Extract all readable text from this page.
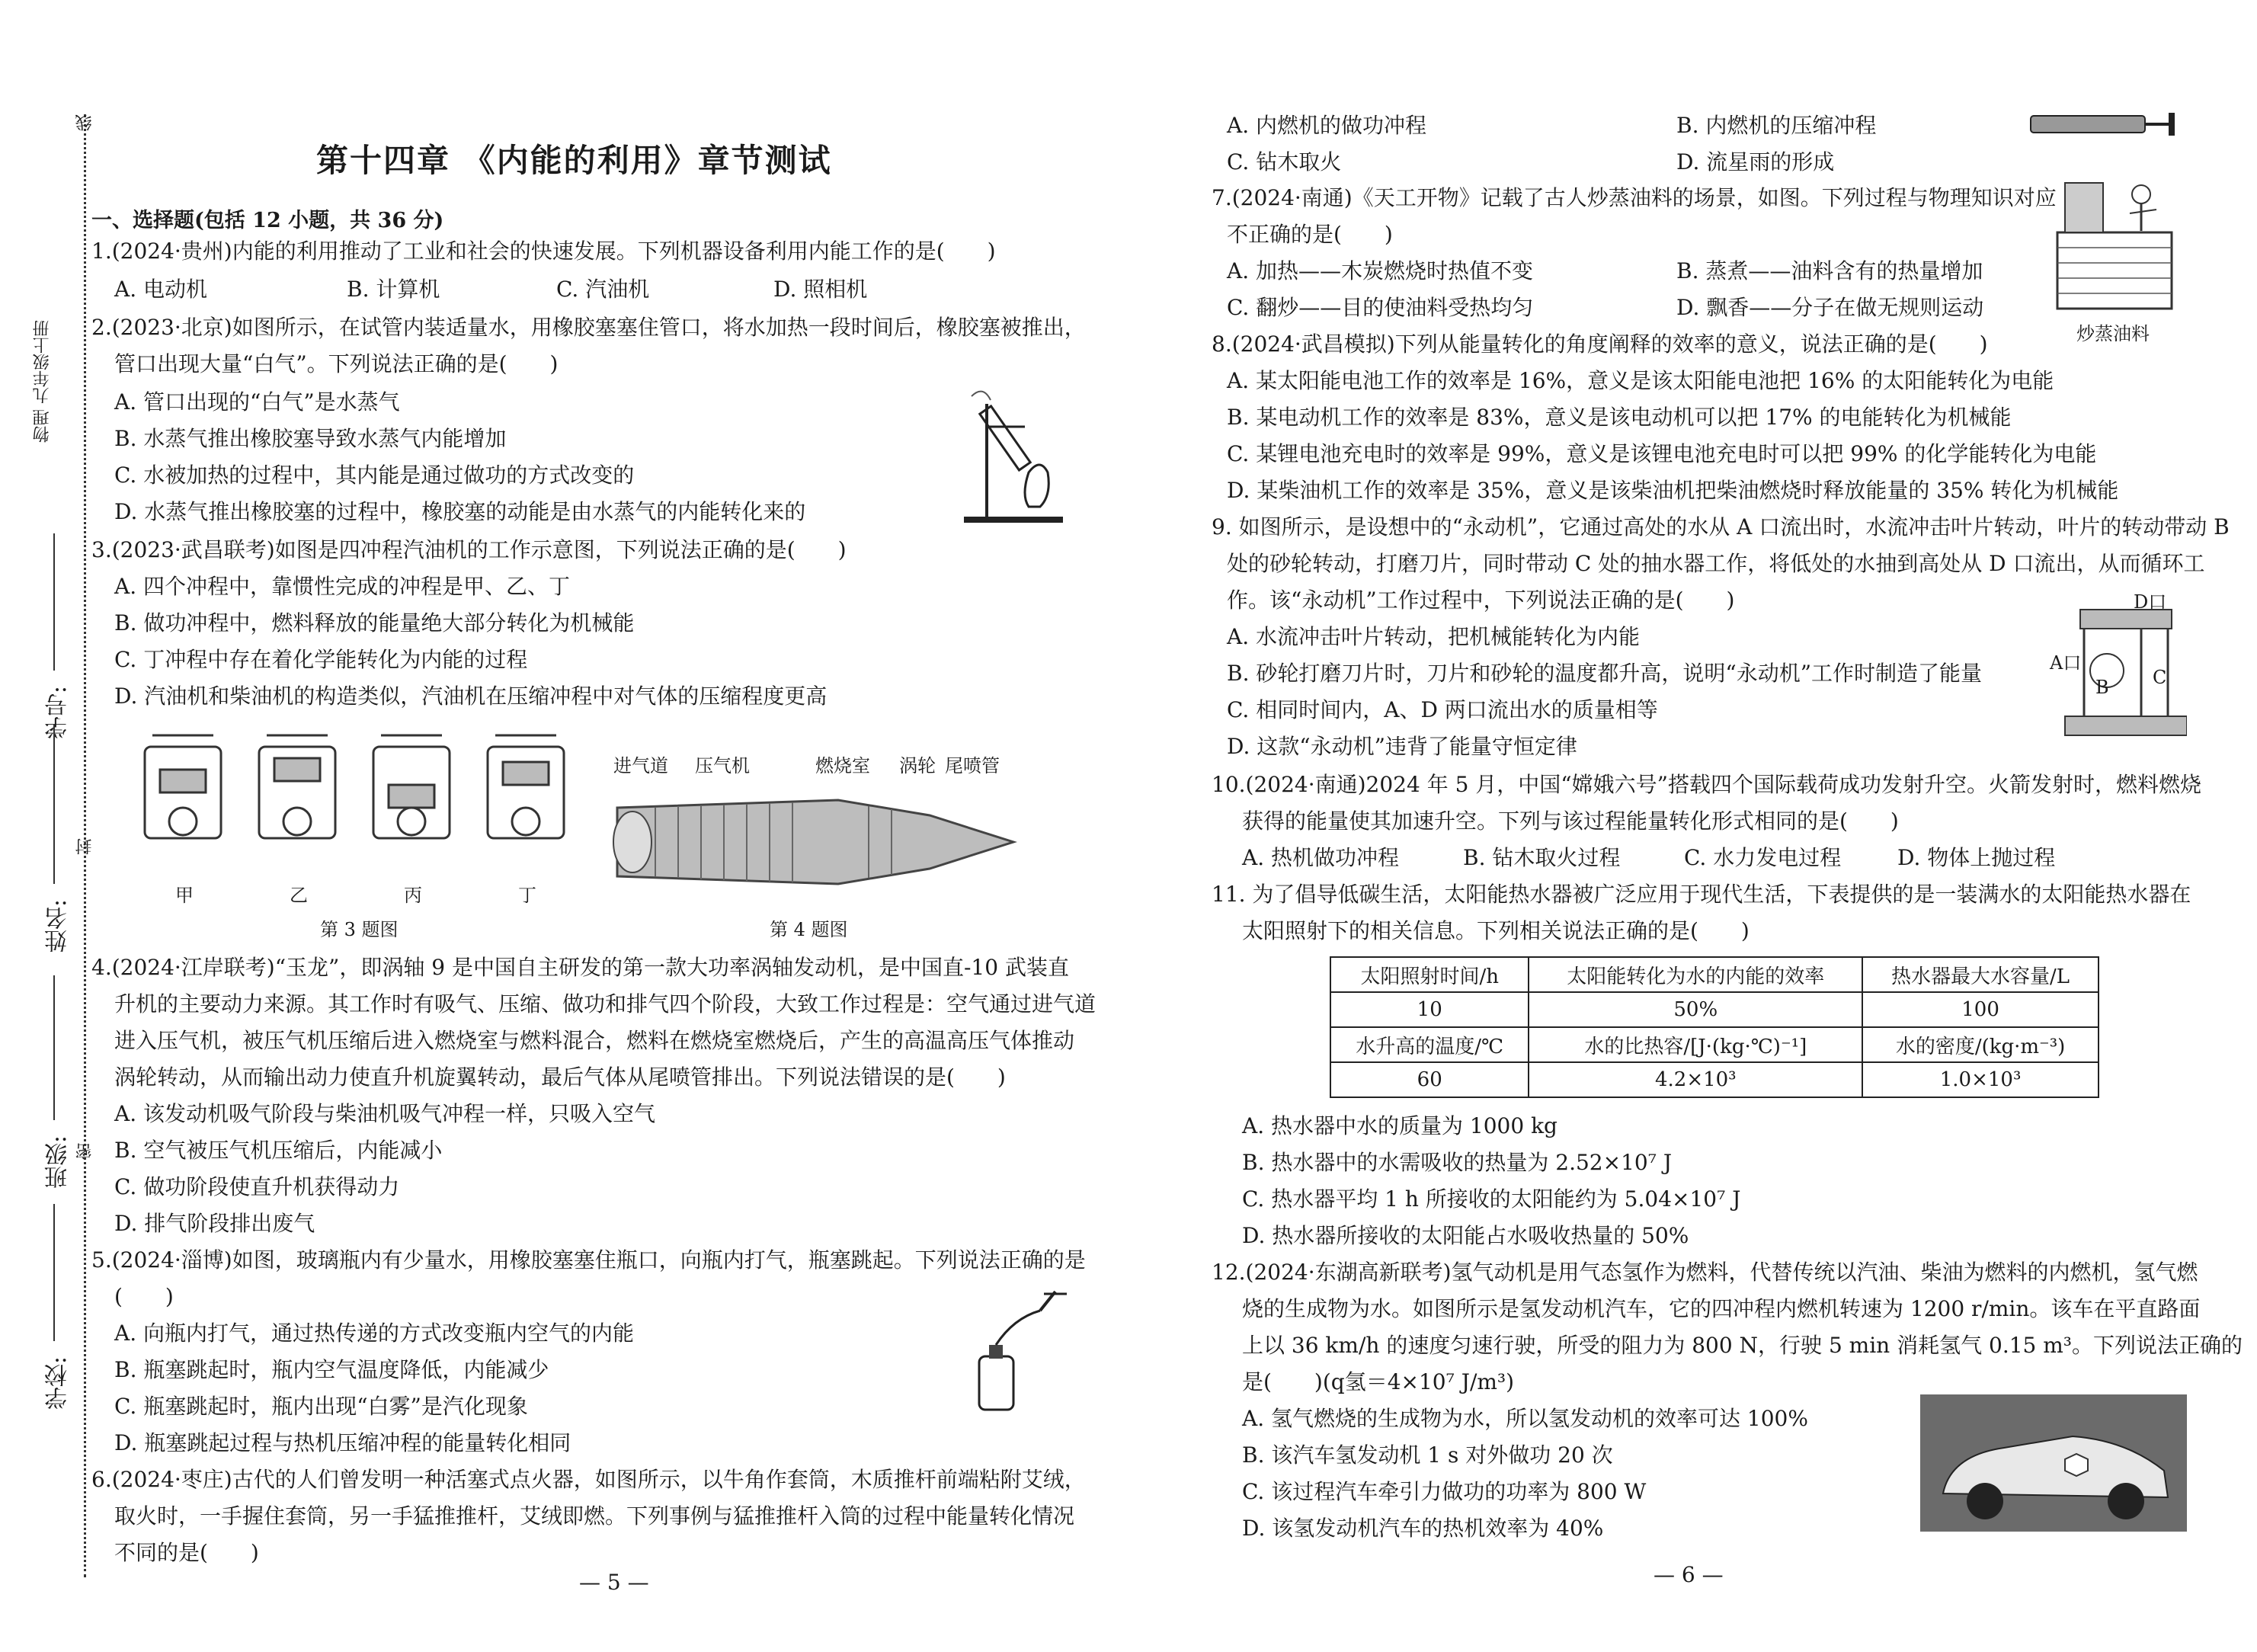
物理 九年级上册
线
封
密
学号:
姓名:
班级:
学校:
第十四章 《内能的利用》章节测试
一、选择题(包括 12 小题，共 36 分)
1.(2024·贵州)内能的利用推动了工业和社会的快速发展。下列机器设备利用内能工作的是(　　)
A. 电动机	B. 计算机	C. 汽油机	D. 照相机
2.(2023·北京)如图所示，在试管内装适量水，用橡胶塞塞住管口，将水加热一段时间后，橡胶塞被推出，
管口出现大量“白气”。下列说法正确的是(　　)
A. 管口出现的“白气”是水蒸气
B. 水蒸气推出橡胶塞导致水蒸气内能增加
C. 水被加热的过程中，其内能是通过做功的方式改变的
D. 水蒸气推出橡胶塞的过程中，橡胶塞的动能是由水蒸气的内能转化来的
3.(2023·武昌联考)如图是四冲程汽油机的工作示意图，下列说法正确的是(　　)
A. 四个冲程中，靠惯性完成的冲程是甲、乙、丁
B. 做功冲程中，燃料释放的能量绝大部分转化为机械能
C. 丁冲程中存在着化学能转化为内能的过程
D. 汽油机和柴油机的构造类似，汽油机在压缩冲程中对气体的压缩程度更高
甲	乙	丙	丁
第 3 题图
进气道 压气机	燃烧室 涡轮 尾喷管
第 4 题图
4.(2024·江岸联考)“玉龙”，即涡轴 9 是中国自主研发的第一款大功率涡轴发动机，是中国直-10 武装直
升机的主要动力来源。其工作时有吸气、压缩、做功和排气四个阶段，大致工作过程是：空气通过进气道
进入压气机，被压气机压缩后进入燃烧室与燃料混合，燃料在燃烧室燃烧后，产生的高温高压气体推动
涡轮转动，从而输出动力使直升机旋翼转动，最后气体从尾喷管排出。下列说法错误的是(　　)
A. 该发动机吸气阶段与柴油机吸气冲程一样，只吸入空气
B. 空气被压气机压缩后，内能减小
C. 做功阶段使直升机获得动力
D. 排气阶段排出废气
5.(2024·淄博)如图，玻璃瓶内有少量水，用橡胶塞塞住瓶口，向瓶内打气，瓶塞跳起。下列说法正确的是
(　　)
A. 向瓶内打气，通过热传递的方式改变瓶内空气的内能
B. 瓶塞跳起时，瓶内空气温度降低，内能减少
C. 瓶塞跳起时，瓶内出现“白雾”是汽化现象
D. 瓶塞跳起过程与热机压缩冲程的能量转化相同
6.(2024·枣庄)古代的人们曾发明一种活塞式点火器，如图所示，以牛角作套筒，木质推杆前端粘附艾绒，
取火时，一手握住套筒，另一手猛推推杆，艾绒即燃。下列事例与猛推推杆入筒的过程中能量转化情况
不同的是(　　)
— 5 —
A. 内燃机的做功冲程	B. 内燃机的压缩冲程
C. 钻木取火	D. 流星雨的形成
7.(2024·南通)《天工开物》记载了古人炒蒸油料的场景，如图。下列过程与物理知识对应
不正确的是(　　)
A. 加热——木炭燃烧时热值不变	B. 蒸煮——油料含有的热量增加
C. 翻炒——目的使油料受热均匀	D. 飘香——分子在做无规则运动
炒蒸油料
8.(2024·武昌模拟)下列从能量转化的角度阐释的效率的意义，说法正确的是(　　)
A. 某太阳能电池工作的效率是 16%，意义是该太阳能电池把 16% 的太阳能转化为电能
B. 某电动机工作的效率是 83%，意义是该电动机可以把 17% 的电能转化为机械能
C. 某锂电池充电时的效率是 99%，意义是该锂电池充电时可以把 99% 的化学能转化为电能
D. 某柴油机工作的效率是 35%，意义是该柴油机把柴油燃烧时释放能量的 35% 转化为机械能
9. 如图所示，是设想中的“永动机”，它通过高处的水从 A 口流出时，水流冲击叶片转动，叶片的转动带动 B
处的砂轮转动，打磨刀片，同时带动 C 处的抽水器工作，将低处的水抽到高处从 D 口流出，从而循环工
作。该“永动机”工作过程中，下列说法正确的是(　　)
A. 水流冲击叶片转动，把机械能转化为内能
B. 砂轮打磨刀片时，刀片和砂轮的温度都升高，说明“永动机”工作时制造了能量
C. 相同时间内，A、D 两口流出水的质量相等
D. 这款“永动机”违背了能量守恒定律
D口
A口
B C
10.(2024·南通)2024 年 5 月，中国“嫦娥六号”搭载四个国际载荷成功发射升空。火箭发射时，燃料燃烧
获得的能量使其加速升空。下列与该过程能量转化形式相同的是(　　)
A. 热机做功冲程	B. 钻木取火过程	C. 水力发电过程	D. 物体上抛过程
11. 为了倡导低碳生活，太阳能热水器被广泛应用于现代生活，下表提供的是一装满水的太阳能热水器在
太阳照射下的相关信息。下列相关说法正确的是(　　)
太阳照射时间/h	太阳能转化为水的内能的效率	热水器最大水容量/L
10	50%	100
水升高的温度/℃	水的比热容/[J·(kg·℃)⁻¹]	水的密度/(kg·m⁻³)
60	4.2×10³	1.0×10³
A. 热水器中水的质量为 1000 kg
B. 热水器中的水需吸收的热量为 2.52×10⁷ J
C. 热水器平均 1 h 所接收的太阳能约为 5.04×10⁷ J
D. 热水器所接收的太阳能占水吸收热量的 50%
12.(2024·东湖高新联考)氢气动机是用气态氢作为燃料，代替传统以汽油、柴油为燃料的内燃机，氢气燃
烧的生成物为水。如图所示是氢发动机汽车，它的四冲程内燃机转速为 1200 r/min。该车在平直路面
上以 36 km/h 的速度匀速行驶，所受的阻力为 800 N，行驶 5 min 消耗氢气 0.15 m³。下列说法正确的
是(　　)(q氢＝4×10⁷ J/m³)
A. 氢气燃烧的生成物为水，所以氢发动机的效率可达 100%
B. 该汽车氢发动机 1 s 对外做功 20 次
C. 该过程汽车牵引力做功的功率为 800 W
D. 该氢发动机汽车的热机效率为 40%
— 6 —
